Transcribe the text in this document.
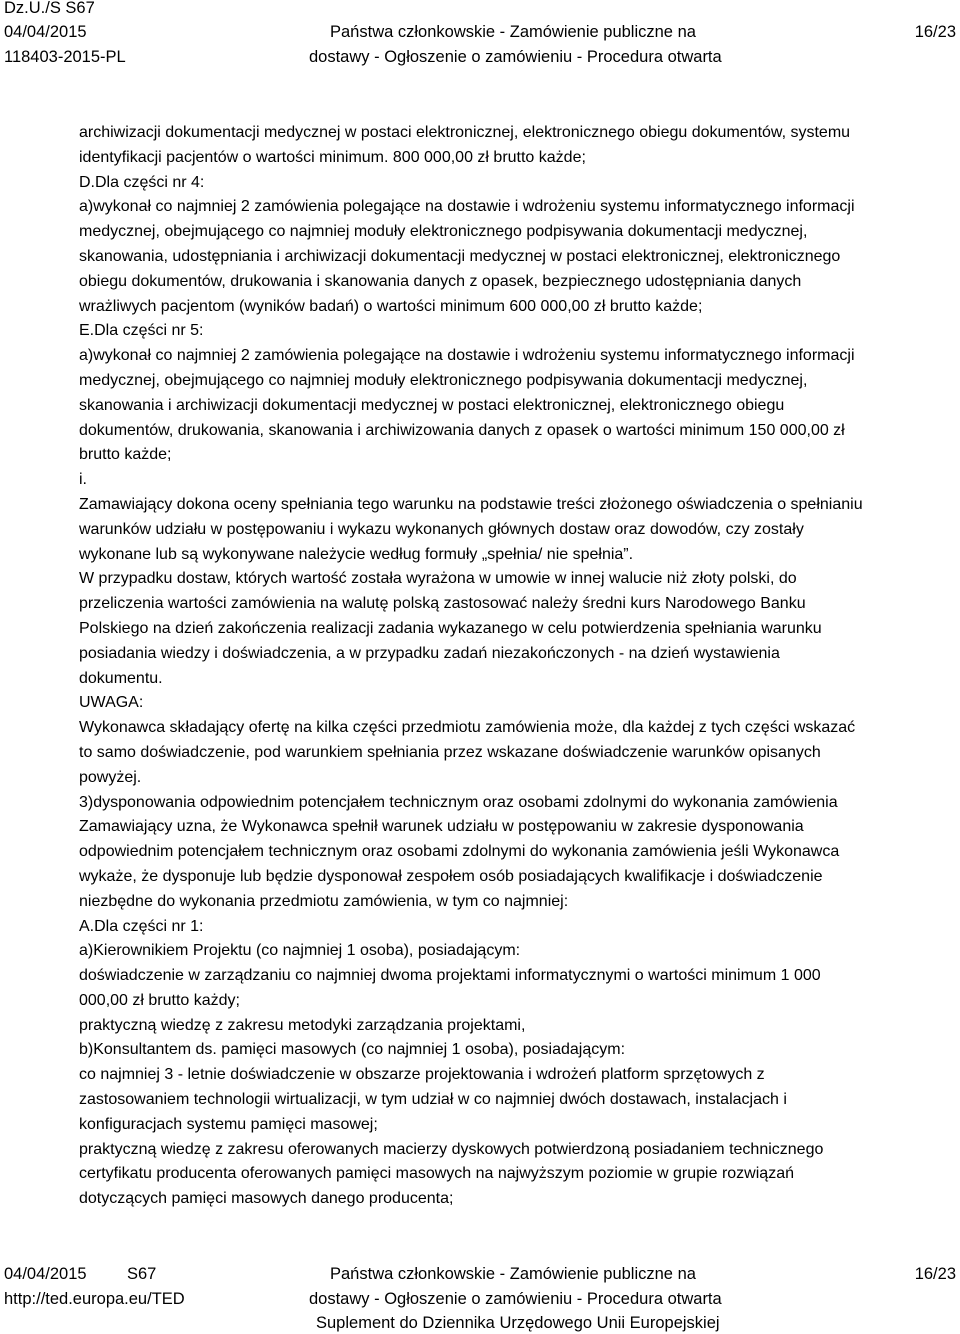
Dz.U./S S67
04/04/2015
118403-2015-PL
Państwa członkowskie - Zamówienie publiczne na
dostawy - Ogłoszenie o zamówieniu - Procedura otwarta
16/23
archiwizacji dokumentacji medycznej w postaci elektronicznej, elektronicznego obiegu dokumentów, systemu
identyfikacji pacjentów o wartości minimum. 800 000,00 zł brutto każde;
D.Dla części nr 4:
a)wykonał co najmniej 2 zamówienia polegające na dostawie i wdrożeniu systemu informatycznego informacji
medycznej, obejmującego co najmniej moduły elektronicznego podpisywania dokumentacji medycznej,
skanowania, udostępniania i archiwizacji dokumentacji medycznej w postaci elektronicznej, elektronicznego
obiegu dokumentów, drukowania i skanowania danych z opasek, bezpiecznego udostępniania danych
wrażliwych pacjentom (wyników badań) o wartości minimum 600 000,00 zł brutto każde;
E.Dla części nr 5:
a)wykonał co najmniej 2 zamówienia polegające na dostawie i wdrożeniu systemu informatycznego informacji
medycznej, obejmującego co najmniej moduły elektronicznego podpisywania dokumentacji medycznej,
skanowania i archiwizacji dokumentacji medycznej w postaci elektronicznej, elektronicznego obiegu
dokumentów, drukowania, skanowania i archiwizowania danych z opasek o wartości minimum 150 000,00 zł
brutto każde;
i.
Zamawiający dokona oceny spełniania tego warunku na podstawie treści złożonego oświadczenia o spełnianiu
warunków udziału w postępowaniu i wykazu wykonanych głównych dostaw oraz dowodów, czy zostały
wykonane lub są wykonywane należycie według formuły „spełnia/ nie spełnia”.
W przypadku dostaw, których wartość została wyrażona w umowie w innej walucie niż złoty polski, do
przeliczenia wartości zamówienia na walutę polską zastosować należy średni kurs Narodowego Banku
Polskiego na dzień zakończenia realizacji zadania wykazanego w celu potwierdzenia spełniania warunku
posiadania wiedzy i doświadczenia, a w przypadku zadań niezakończonych - na dzień wystawienia
dokumentu.
UWAGA:
Wykonawca składający ofertę na kilka części przedmiotu zamówienia może, dla każdej z tych części wskazać
to samo doświadczenie, pod warunkiem spełniania przez wskazane doświadczenie warunków opisanych
powyżej.
3)dysponowania odpowiednim potencjałem technicznym oraz osobami zdolnymi do wykonania zamówienia
Zamawiający uzna, że Wykonawca spełnił warunek udziału w postępowaniu w zakresie dysponowania
odpowiednim potencjałem technicznym oraz osobami zdolnymi do wykonania zamówienia jeśli Wykonawca
wykaże, że dysponuje lub będzie dysponował zespołem osób posiadających kwalifikacje i doświadczenie
niezbędne do wykonania przedmiotu zamówienia, w tym co najmniej:
A.Dla części nr 1:
a)Kierownikiem Projektu (co najmniej 1 osoba), posiadającym:
doświadczenie w zarządzaniu co najmniej dwoma projektami informatycznymi o wartości minimum 1 000
000,00 zł brutto każdy;
praktyczną wiedzę z zakresu metodyki zarządzania projektami,
b)Konsultantem ds. pamięci masowych (co najmniej 1 osoba), posiadającym:
co najmniej 3 - letnie doświadczenie w obszarze projektowania i wdrożeń platform sprzętowych z
zastosowaniem technologii wirtualizacji, w tym udział w co najmniej dwóch dostawach, instalacjach i
konfiguracjach systemu pamięci masowej;
praktyczną wiedzę z zakresu oferowanych macierzy dyskowych potwierdzoną posiadaniem technicznego
certyfikatu producenta oferowanych pamięci masowych na najwyższym poziomie w grupie rozwiązań
dotyczących pamięci masowych danego producenta;
04/04/2015 S67
http://ted.europa.eu/TED
Państwa członkowskie - Zamówienie publiczne na
dostawy - Ogłoszenie o zamówieniu - Procedura otwarta
Suplement do Dziennika Urzędowego Unii Europejskiej
16/23
